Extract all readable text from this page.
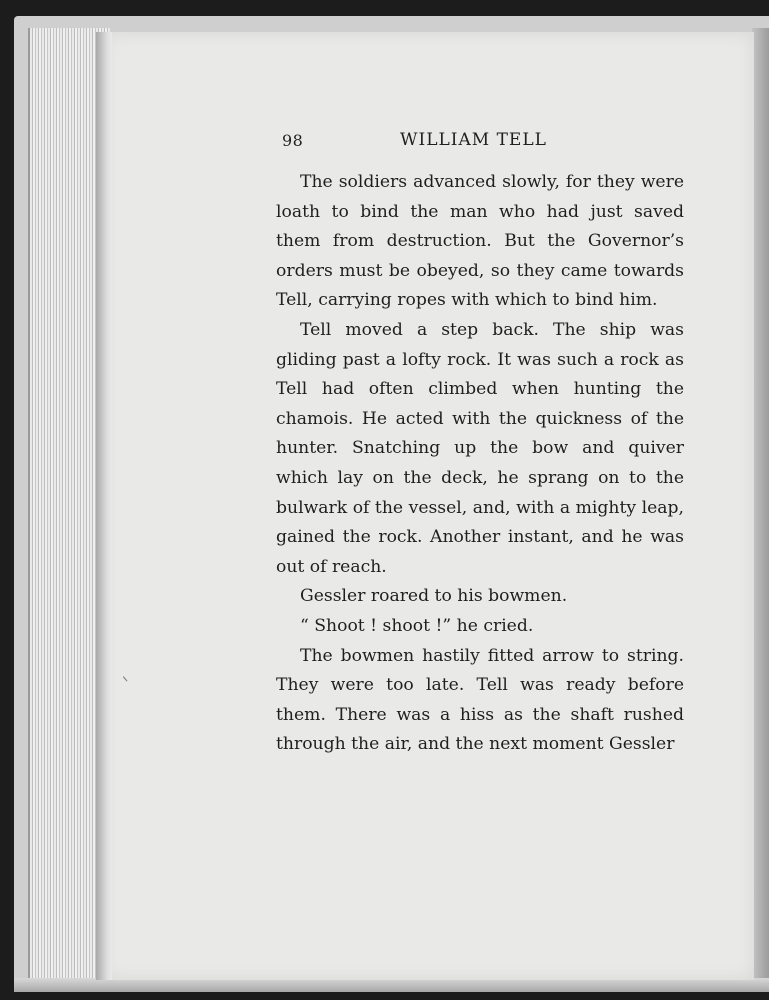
98	WILLIAM TELL

The soldiers advanced slowly, for they were loath to bind the man who had just saved them from destruction. But the Governor’s orders must be obeyed, so they came towards Tell, carrying ropes with which to bind him.

Tell moved a step back. The ship was gliding past a lofty rock. It was such a rock as Tell had often climbed when hunting the chamois. He acted with the quickness of the hunter. Snatching up the bow and quiver which lay on the deck, he sprang on to the bulwark of the vessel, and, with a mighty leap, gained the rock. Another instant, and he was out of reach.

Gessler roared to his bowmen.

“ Shoot ! shoot !” he cried.

The bowmen hastily fitted arrow to string. They were too late. Tell was ready before them. There was a hiss as the shaft rushed through the air, and the next moment Gessler
